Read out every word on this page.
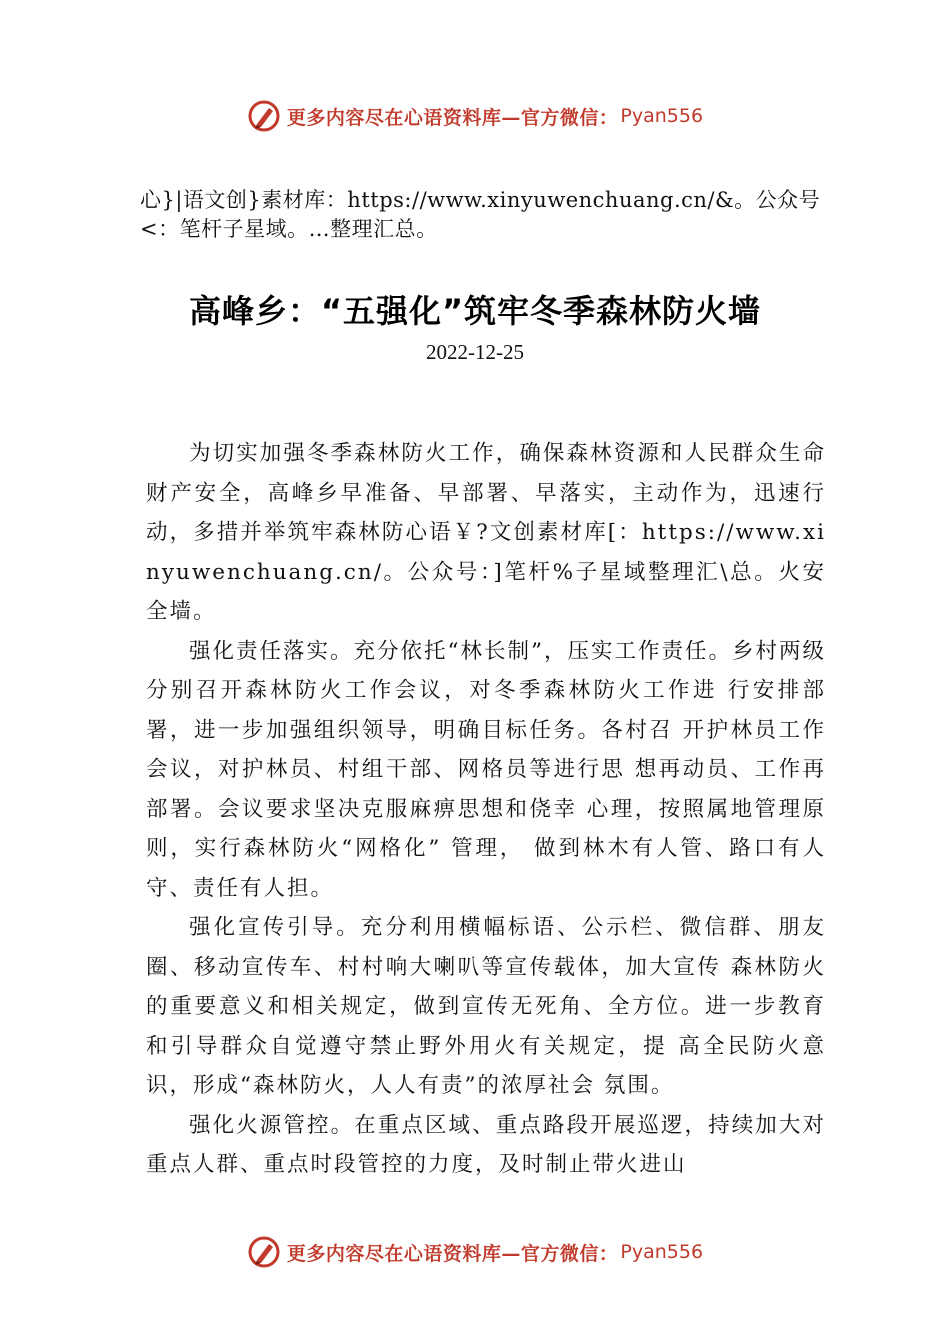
更多内容尽在心语资料库—官方微信： Pyan556
心}|语文创}素材库：https://www.xinyuwenchuang.cn/&。公众号<：笔杆子星域。…整理汇总。
高峰乡：“五强化”筑牢冬季森林防火墙
2022-12-25

为切实加强冬季森林防火工作，确保森林资源和人民群众生命财产安全，高峰乡早准备、早部署、早落实，主动作为，迅速行动，多措并举筑牢森林防心语￥?文创素材库[：https://www.xinyuwenchuang.cn/。公众号：]笔杆%子星域整理汇\总。火安全墙。

强化责任落实。充分依托“林长制”，压实工作责任。乡村两级分别召开森林防火工作会议，对冬季森林防火工作进 行安排部署，进一步加强组织领导，明确目标任务。各村召 开护林员工作会议，对护林员、村组干部、网格员等进行思 想再动员、工作再部署。会议要求坚决克服麻痹思想和侥幸 心理，按照属地管理原则，实行森林防火“网格化” 管理， 做到林木有人管、路口有人守、责任有人担。

强化宣传引导。充分利用横幅标语、公示栏、微信群、朋友圈、移动宣传车、村村响大喇叭等宣传载体，加大宣传 森林防火的重要意义和相关规定，做到宣传无死角、全方位。进一步教育和引导群众自觉遵守禁止野外用火有关规定，提 高全民防火意识，形成“森林防火，人人有责”的浓厚社会 氛围。

强化火源管控。在重点区域、重点路段开展巡逻，持续加大对重点人群、重点时段管控的力度，及时制止带火进山

更多内容尽在心语资料库—官方微信： Pyan556
